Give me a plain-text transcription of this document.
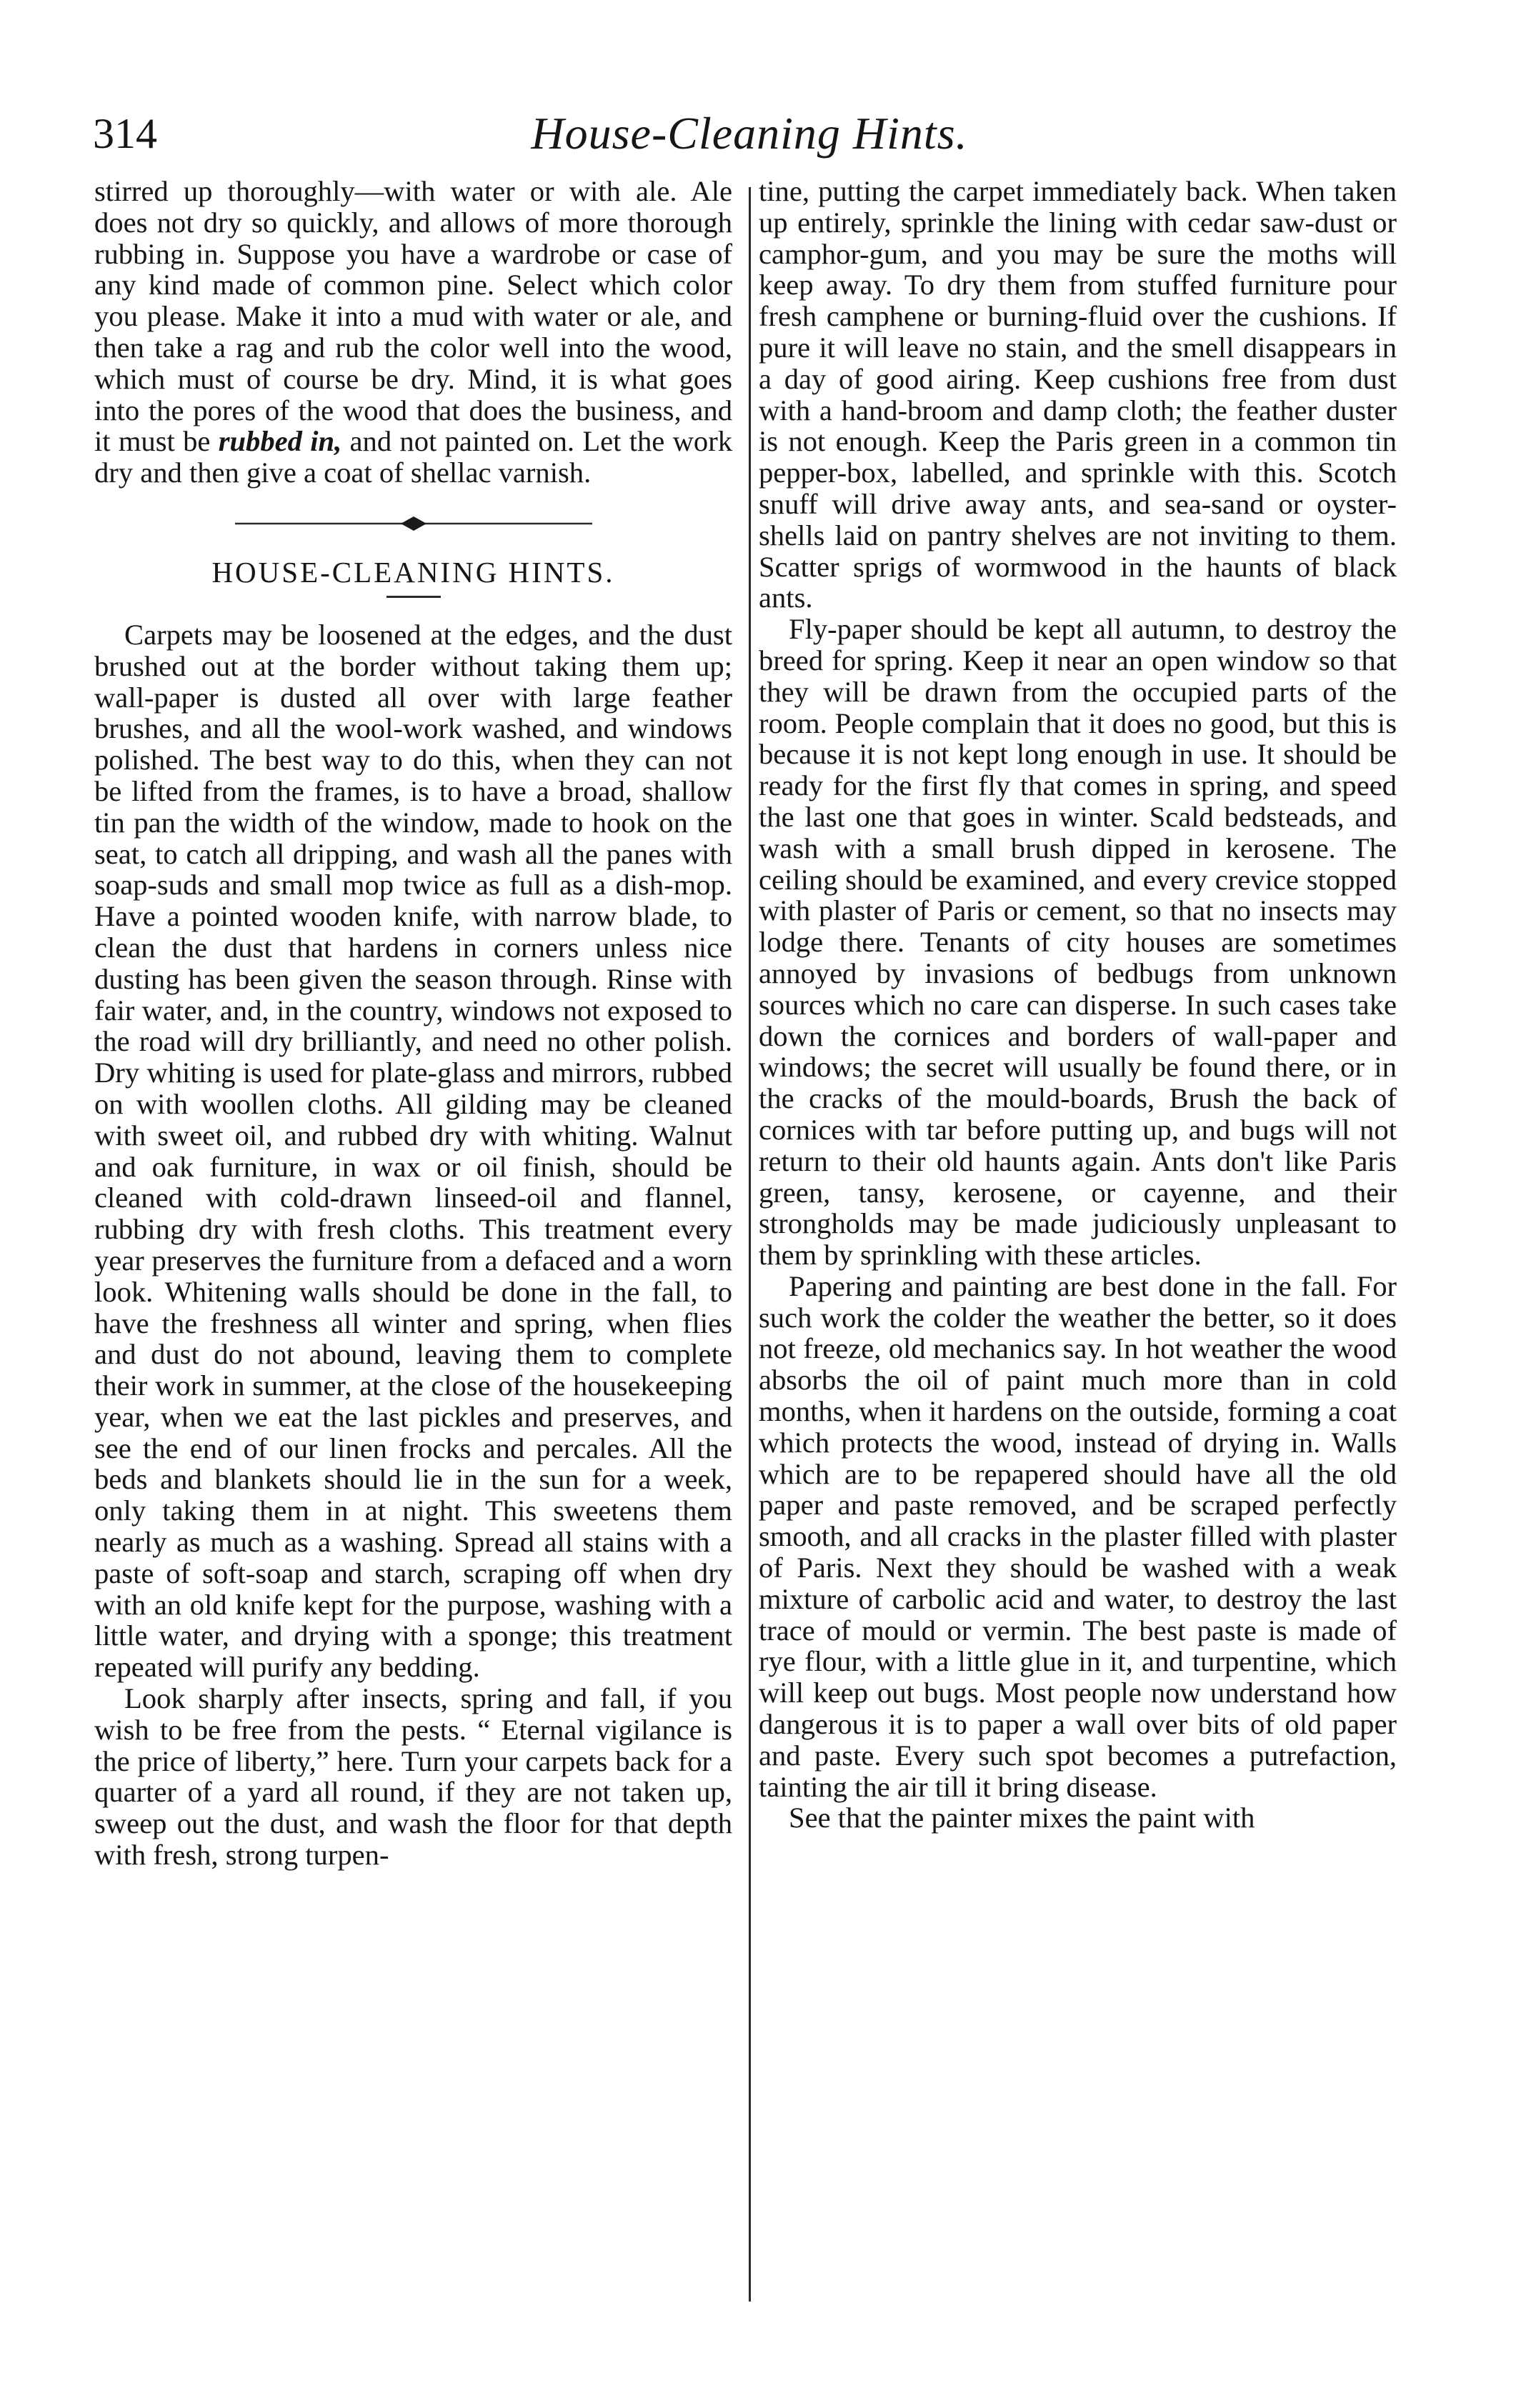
314	House-Cleaning Hints.

stirred up thoroughly—with water or with ale. Ale does not dry so quickly, and allows of more thorough rubbing in. Suppose you have a wardrobe or case of any kind made of common pine. Select which color you please. Make it into a mud with water or ale, and then take a rag and rub the color well into the wood, which must of course be dry. Mind, it is what goes into the pores of the wood that does the business, and it must be rubbed in, and not painted on. Let the work dry and then give a coat of shellac varnish.

HOUSE-CLEANING HINTS.

Carpets may be loosened at the edges, and the dust brushed out at the border without taking them up; wall-paper is dusted all over with large feather brushes, and all the wool-work washed, and windows polished. The best way to do this, when they can not be lifted from the frames, is to have a broad, shallow tin pan the width of the window, made to hook on the seat, to catch all dripping, and wash all the panes with soap-suds and small mop twice as full as a dish-mop. Have a pointed wooden knife, with narrow blade, to clean the dust that hardens in corners unless nice dusting has been given the season through. Rinse with fair water, and, in the country, windows not exposed to the road will dry brilliantly, and need no other polish. Dry whiting is used for plate-glass and mirrors, rubbed on with woollen cloths. All gilding may be cleaned with sweet oil, and rubbed dry with whiting. Walnut and oak furniture, in wax or oil finish, should be cleaned with cold-drawn linseed-oil and flannel, rubbing dry with fresh cloths. This treatment every year preserves the furniture from a defaced and a worn look. Whitening walls should be done in the fall, to have the freshness all winter and spring, when flies and dust do not abound, leaving them to complete their work in summer, at the close of the housekeeping year, when we eat the last pickles and preserves, and see the end of our linen frocks and percales. All the beds and blankets should lie in the sun for a week, only taking them in at night. This sweetens them nearly as much as a washing. Spread all stains with a paste of soft-soap and starch, scraping off when dry with an old knife kept for the purpose, washing with a little water, and drying with a sponge; this treatment repeated will purify any bedding.

Look sharply after insects, spring and fall, if you wish to be free from the pests. “ Eternal vigilance is the price of liberty,” here. Turn your carpets back for a quarter of a yard all round, if they are not taken up, sweep out the dust, and wash the floor for that depth with fresh, strong turpen-

tine, putting the carpet immediately back. When taken up entirely, sprinkle the lining with cedar saw-dust or camphor-gum, and you may be sure the moths will keep away. To dry them from stuffed furniture pour fresh camphene or burning-fluid over the cushions. If pure it will leave no stain, and the smell disappears in a day of good airing. Keep cushions free from dust with a hand-broom and damp cloth; the feather duster is not enough. Keep the Paris green in a common tin pepper-box, labelled, and sprinkle with this. Scotch snuff will drive away ants, and sea-sand or oyster-shells laid on pantry shelves are not inviting to them. Scatter sprigs of wormwood in the haunts of black ants.

Fly-paper should be kept all autumn, to destroy the breed for spring. Keep it near an open window so that they will be drawn from the occupied parts of the room. People complain that it does no good, but this is because it is not kept long enough in use. It should be ready for the first fly that comes in spring, and speed the last one that goes in winter. Scald bedsteads, and wash with a small brush dipped in kerosene. The ceiling should be examined, and every crevice stopped with plaster of Paris or cement, so that no insects may lodge there. Tenants of city houses are sometimes annoyed by invasions of bedbugs from unknown sources which no care can disperse. In such cases take down the cornices and borders of wall-paper and windows; the secret will usually be found there, or in the cracks of the mould-boards, Brush the back of cornices with tar before putting up, and bugs will not return to their old haunts again. Ants don't like Paris green, tansy, kerosene, or cayenne, and their strongholds may be made judiciously unpleasant to them by sprinkling with these articles.

Papering and painting are best done in the fall. For such work the colder the weather the better, so it does not freeze, old mechanics say. In hot weather the wood absorbs the oil of paint much more than in cold months, when it hardens on the outside, forming a coat which protects the wood, instead of drying in. Walls which are to be repapered should have all the old paper and paste removed, and be scraped perfectly smooth, and all cracks in the plaster filled with plaster of Paris. Next they should be washed with a weak mixture of carbolic acid and water, to destroy the last trace of mould or vermin. The best paste is made of rye flour, with a little glue in it, and turpentine, which will keep out bugs. Most people now understand how dangerous it is to paper a wall over bits of old paper and paste. Every such spot becomes a putrefaction, tainting the air till it bring disease.

See that the painter mixes the paint with
